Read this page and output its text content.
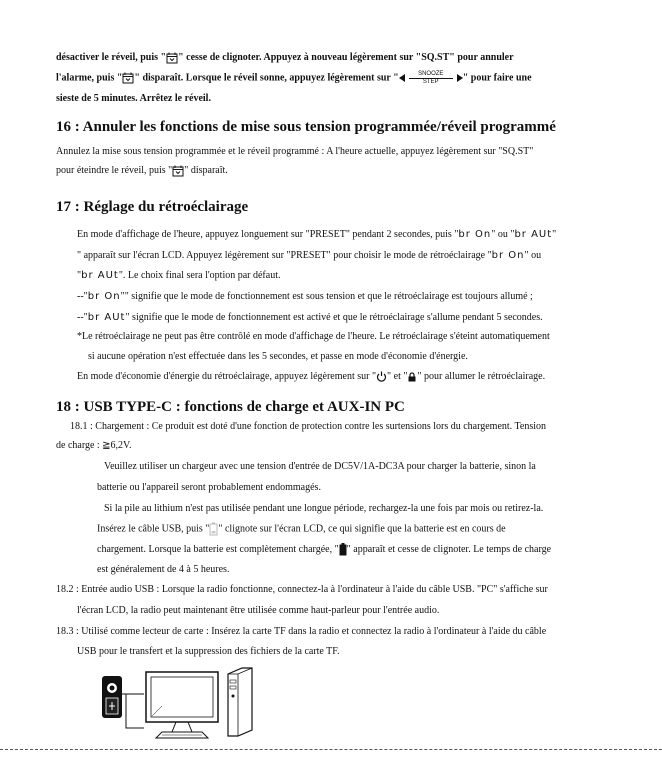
désactiver le réveil, puis " " cesse de clignoter. Appuyez à nouveau légèrement sur "SQ.ST" pour annuler
l'alarme, puis " " disparaît. Lorsque le réveil sonne, appuyez légèrement sur "	SNOOZE
STEP	" pour faire une
sieste de 5 minutes. Arrêtez le réveil.
16 : Annuler les fonctions de mise sous tension programmée/réveil programmé
Annulez la mise sous tension programmée et le réveil programmé : A l'heure actuelle, appuyez légèrement sur "SQ.ST"
pour éteindre le réveil, puis " " disparaît.
17 : Réglage du rétroéclairage
En mode d'affichage de l'heure, appuyez longuement sur "PRESET" pendant 2 secondes, puis "br On" ou "br AUt"
" apparaît sur l'écran LCD. Appuyez légèrement sur "PRESET" pour choisir le mode de rétroéclairage "br On" ou
"br AUt". Le choix final sera l'option par défaut.
--"br On"" signifie que le mode de fonctionnement est sous tension et que le rétroéclairage est toujours allumé ;
--"br AUt" signifie que le mode de fonctionnement est activé et que le rétroéclairage s'allume pendant 5 secondes.
*Le rétroéclairage ne peut pas être contrôlé en mode d'affichage de l'heure. Le rétroéclairage s'éteint automatiquement
si aucune opération n'est effectuée dans les 5 secondes, et passe en mode d'économie d'énergie.
En mode d'économie d'énergie du rétroéclairage, appuyez légèrement sur " " et " " pour allumer le rétroéclairage.
18 : USB TYPE-C : fonctions de charge et AUX-IN PC
18.1 : Chargement : Ce produit est doté d'une fonction de protection contre les surtensions lors du chargement. Tension
de charge : ≧6,2V.
Veuillez utiliser un chargeur avec une tension d'entrée de DC5V/1A-DC3A pour charger la batterie, sinon la
batterie ou l'appareil seront probablement endommagés.
Si la pile au lithium n'est pas utilisée pendant une longue période, rechargez-la une fois par mois ou retirez-la.
Insérez le câble USB, puis " " clignote sur l'écran LCD, ce qui signifie que la batterie est en cours de
chargement. Lorsque la batterie est complètement chargée, " " apparaît et cesse de clignoter. Le temps de charge
est généralement de 4 à 5 heures.
18.2 : Entrée audio USB : Lorsque la radio fonctionne, connectez-la à l'ordinateur à l'aide du câble USB. "PC" s'affiche sur
l'écran LCD, la radio peut maintenant être utilisée comme haut-parleur pour l'entrée audio.
18.3 : Utilisé comme lecteur de carte : Insérez la carte TF dans la radio et connectez la radio à l'ordinateur à l'aide du câble
USB pour le transfert et la suppression des fichiers de la carte TF.
